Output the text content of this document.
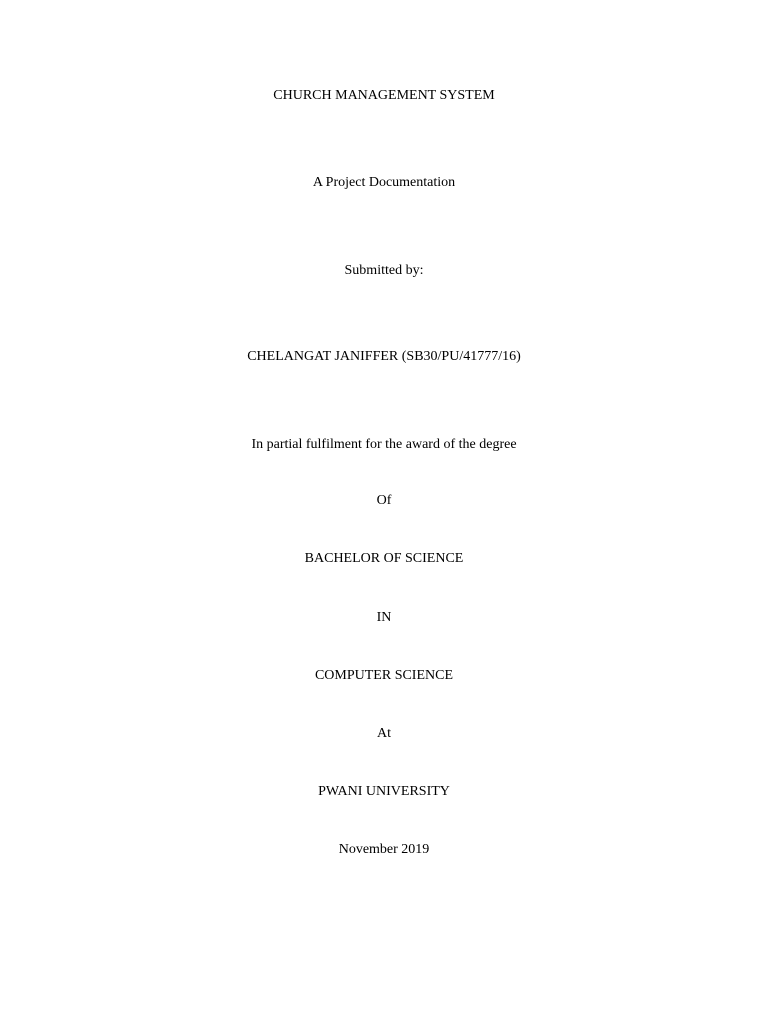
CHURCH MANAGEMENT SYSTEM
A Project Documentation
Submitted by:
CHELANGAT JANIFFER (SB30/PU/41777/16)
In partial fulfilment for the award of the degree
Of
BACHELOR OF SCIENCE
IN
COMPUTER SCIENCE
At
PWANI UNIVERSITY
November 2019
